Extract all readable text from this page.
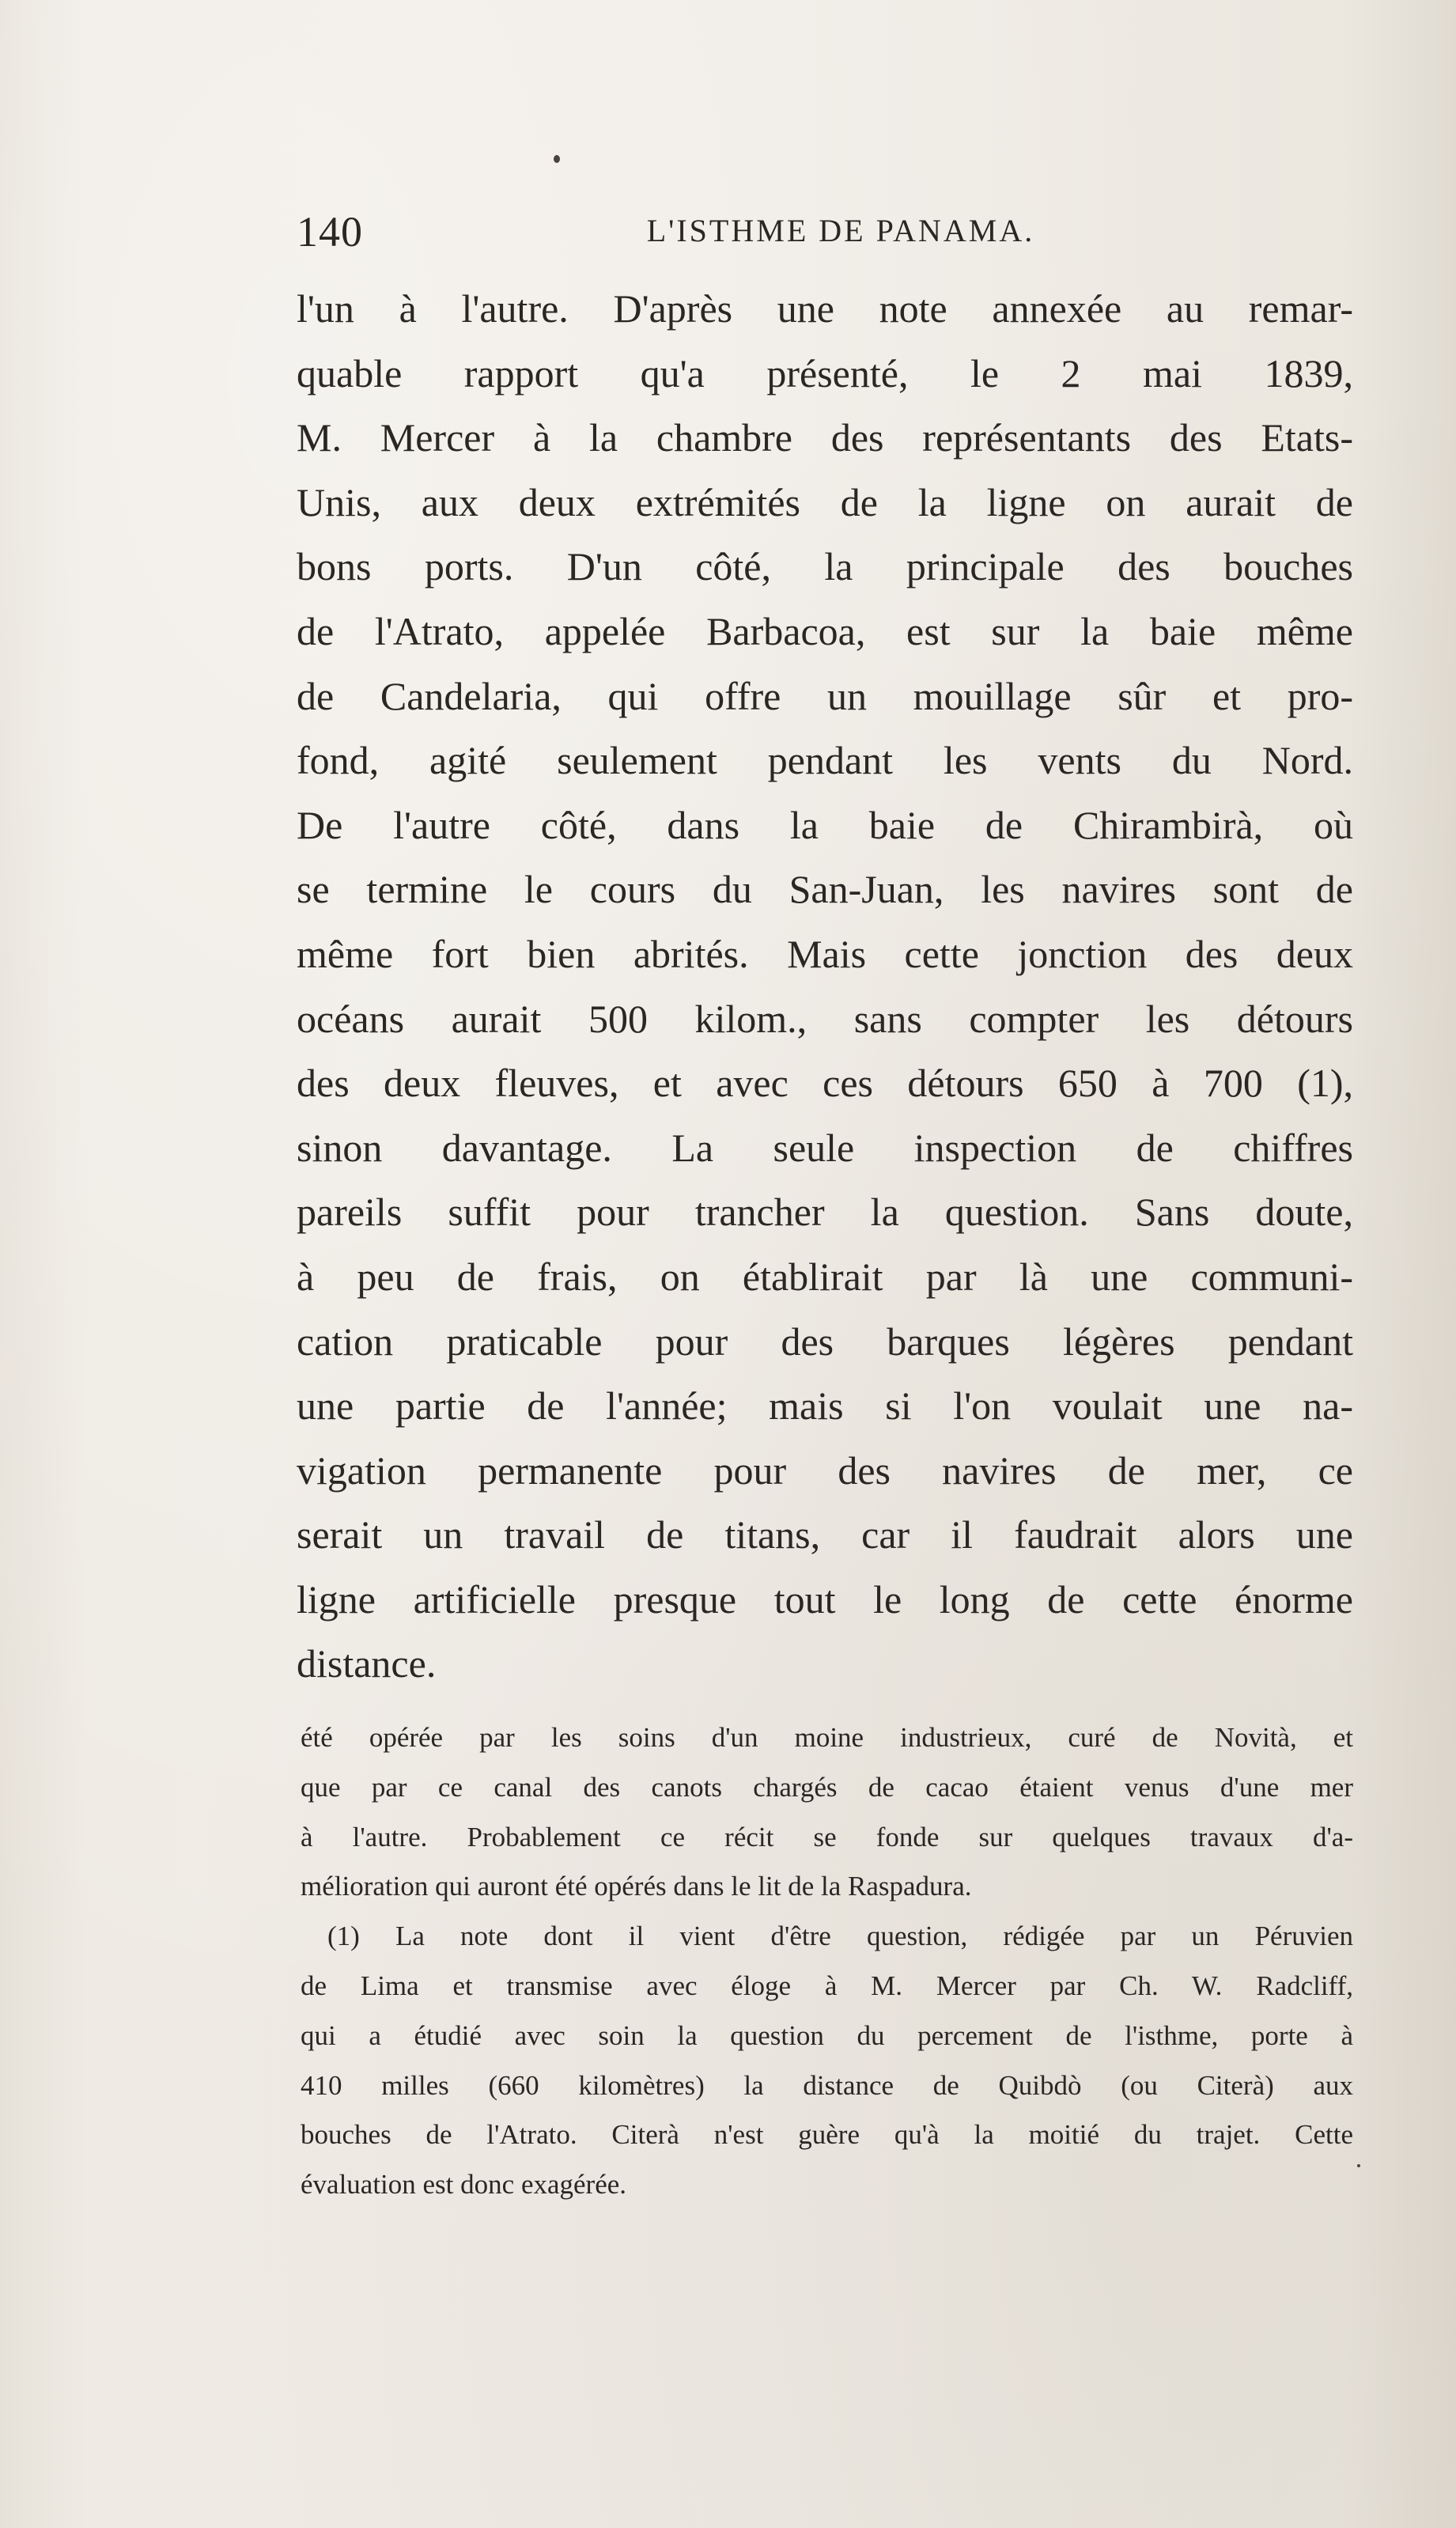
140	L'ISTHME DE PANAMA.
l'un à l'autre. D'après une note annexée au remar-
quable rapport qu'a présenté, le 2 mai 1839,
M. Mercer à la chambre des représentants des Etats-
Unis, aux deux extrémités de la ligne on aurait de
bons ports. D'un côté, la principale des bouches
de l'Atrato, appelée Barbacoa, est sur la baie même
de Candelaria, qui offre un mouillage sûr et pro-
fond, agité seulement pendant les vents du Nord.
De l'autre côté, dans la baie de Chirambirà, où
se termine le cours du San-Juan, les navires sont de
même fort bien abrités. Mais cette jonction des deux
océans aurait 500 kilom., sans compter les détours
des deux fleuves, et avec ces détours 650 à 700 (1),
sinon davantage. La seule inspection de chiffres
pareils suffit pour trancher la question. Sans doute,
à peu de frais, on établirait par là une communi-
cation praticable pour des barques légères pendant
une partie de l'année; mais si l'on voulait une na-
vigation permanente pour des navires de mer, ce
serait un travail de titans, car il faudrait alors une
ligne artificielle presque tout le long de cette énorme
distance.
été opérée par les soins d'un moine industrieux, curé de Novità, et
que par ce canal des canots chargés de cacao étaient venus d'une mer
à l'autre. Probablement ce récit se fonde sur quelques travaux d'a-
mélioration qui auront été opérés dans le lit de la Raspadura.
(1) La note dont il vient d'être question, rédigée par un Péruvien
de Lima et transmise avec éloge à M. Mercer par Ch. W. Radcliff,
qui a étudié avec soin la question du percement de l'isthme, porte à
410 milles (660 kilomètres) la distance de Quibdò (ou Citerà) aux
bouches de l'Atrato. Citerà n'est guère qu'à la moitié du trajet. Cette
évaluation est donc exagérée.
